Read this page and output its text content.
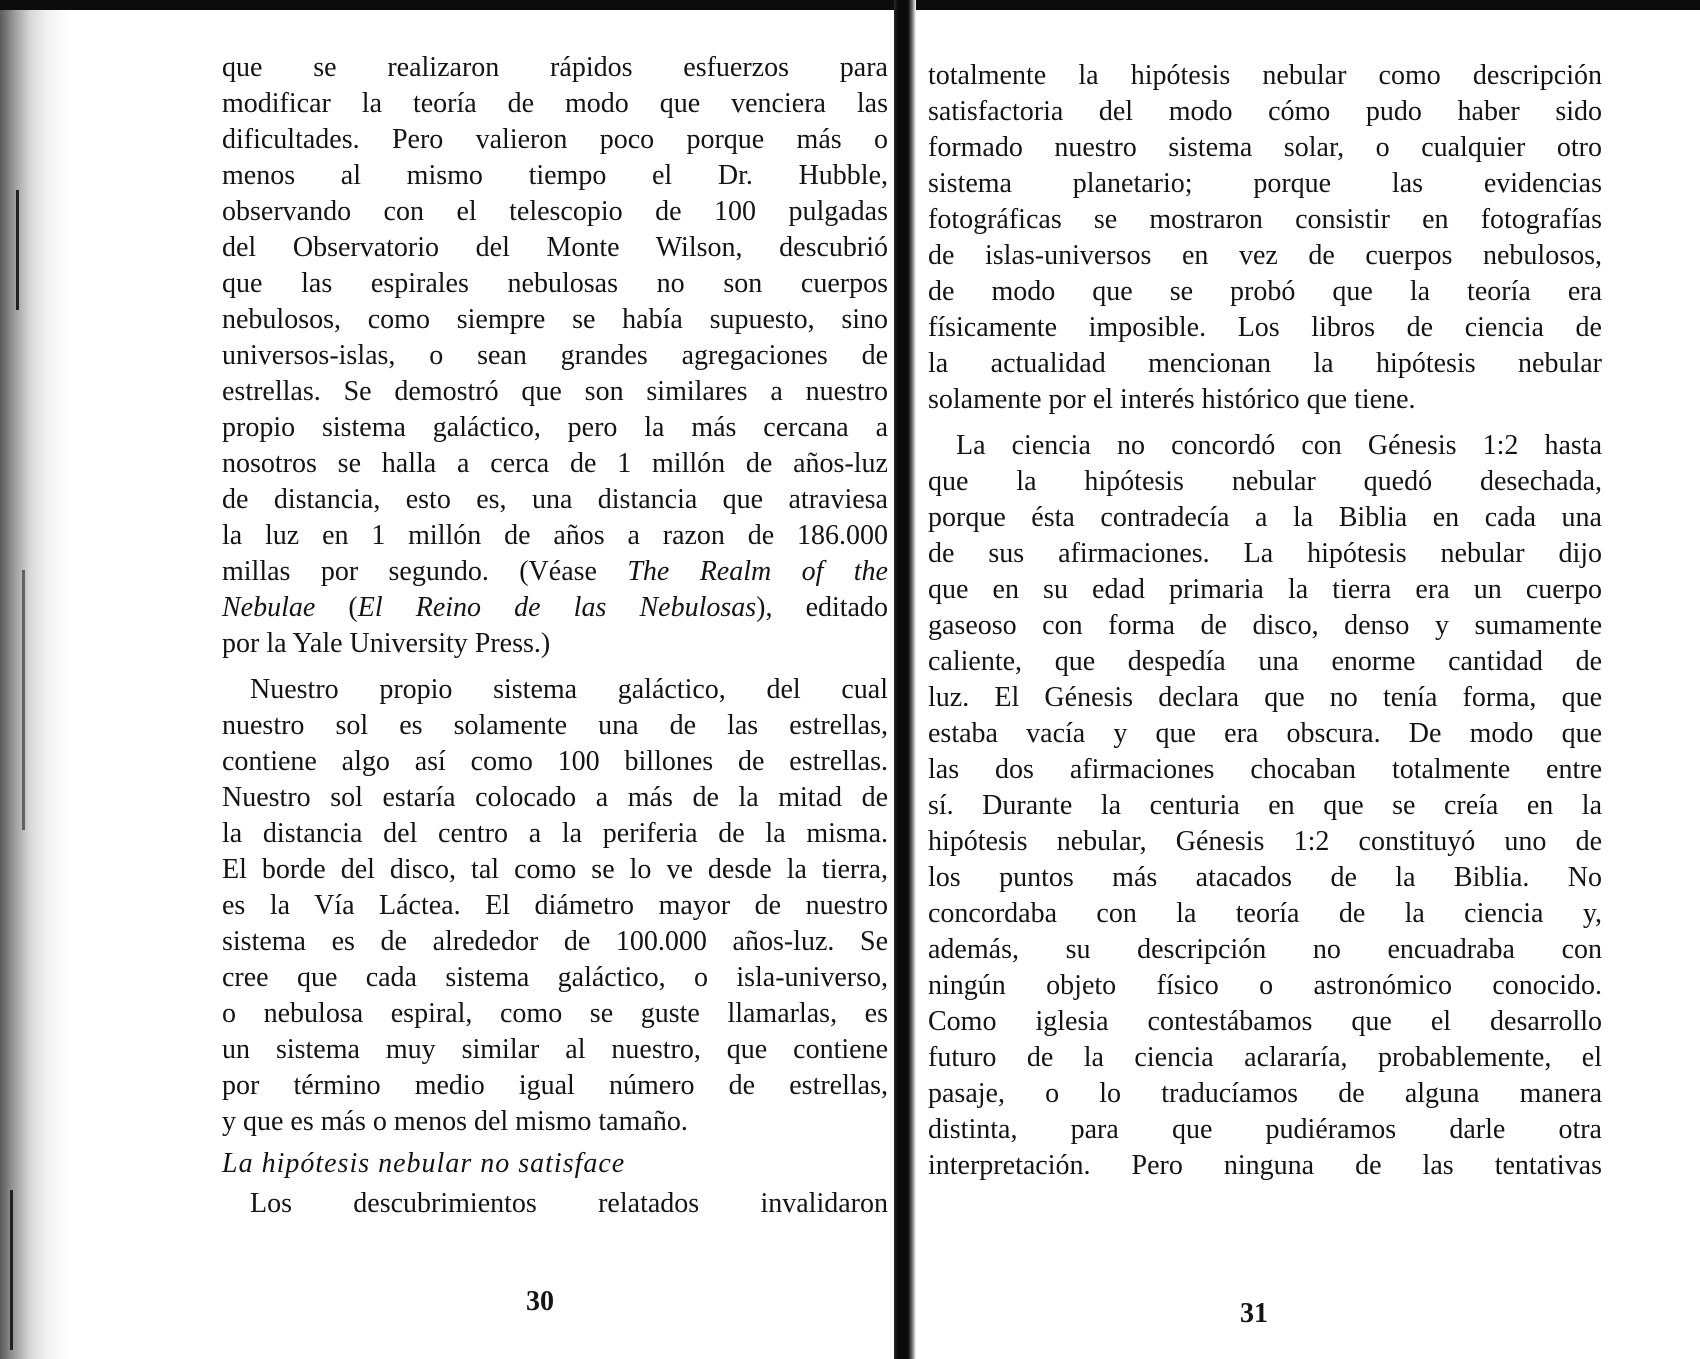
que se realizaron rápidos esfuerzos para
modificar la teoría de modo que venciera las
dificultades. Pero valieron poco porque más o
menos al mismo tiempo el Dr. Hubble,
observando con el telescopio de 100 pulgadas
del Observatorio del Monte Wilson, descubrió
que las espirales nebulosas no son cuerpos
nebulosos, como siempre se había supuesto, sino
universos-islas, o sean grandes agregaciones de
estrellas. Se demostró que son similares a nuestro
propio sistema galáctico, pero la más cercana a
nosotros se halla a cerca de 1 millón de años-luz
de distancia, esto es, una distancia que atraviesa
la luz en 1 millón de años a razon de 186.000
millas por segundo. (Véase The Realm of the
Nebulae (El Reino de las Nebulosas), editado
por la Yale University Press.)
Nuestro propio sistema galáctico, del cual
nuestro sol es solamente una de las estrellas,
contiene algo así como 100 billones de estrellas.
Nuestro sol estaría colocado a más de la mitad de
la distancia del centro a la periferia de la misma.
El borde del disco, tal como se lo ve desde la tierra,
es la Vía Láctea. El diámetro mayor de nuestro
sistema es de alrededor de 100.000 años-luz. Se
cree que cada sistema galáctico, o isla-universo,
o nebulosa espiral, como se guste llamarlas, es
un sistema muy similar al nuestro, que contiene
por término medio igual número de estrellas,
y que es más o menos del mismo tamaño.
La hipótesis nebular no satisface
Los descubrimientos relatados invalidaron
30
totalmente la hipótesis nebular como descripción
satisfactoria del modo cómo pudo haber sido
formado nuestro sistema solar, o cualquier otro
sistema planetario; porque las evidencias
fotográficas se mostraron consistir en fotografías
de islas-universos en vez de cuerpos nebulosos,
de modo que se probó que la teoría era
físicamente imposible. Los libros de ciencia de
la actualidad mencionan la hipótesis nebular
solamente por el interés histórico que tiene.
La ciencia no concordó con Génesis 1:2 hasta
que la hipótesis nebular quedó desechada,
porque ésta contradecía a la Biblia en cada una
de sus afirmaciones. La hipótesis nebular dijo
que en su edad primaria la tierra era un cuerpo
gaseoso con forma de disco, denso y sumamente
caliente, que despedía una enorme cantidad de
luz. El Génesis declara que no tenía forma, que
estaba vacía y que era obscura. De modo que
las dos afirmaciones chocaban totalmente entre
sí. Durante la centuria en que se creía en la
hipótesis nebular, Génesis 1:2 constituyó uno de
los puntos más atacados de la Biblia. No
concordaba con la teoría de la ciencia y,
además, su descripción no encuadraba con
ningún objeto físico o astronómico conocido.
Como iglesia contestábamos que el desarrollo
futuro de la ciencia aclararía, probablemente, el
pasaje, o lo traducíamos de alguna manera
distinta, para que pudiéramos darle otra
interpretación. Pero ninguna de las tentativas
31
